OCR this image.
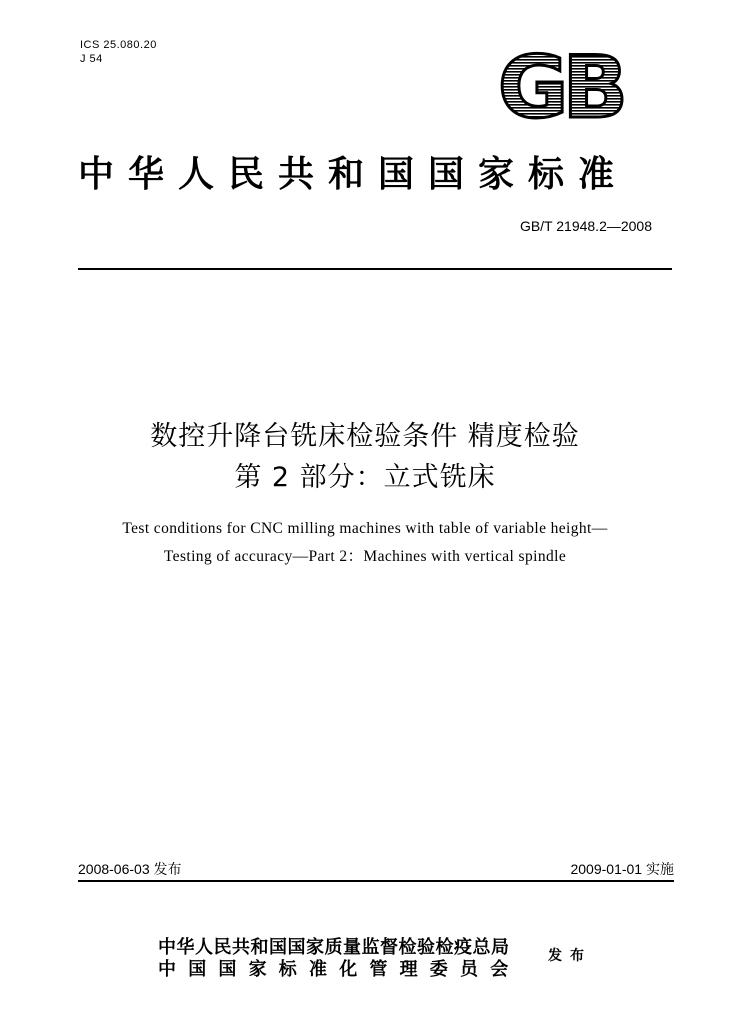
ICS 25.080.20
J 54	GB
中华人民共和国国家标准
GB/T 21948.2—2008
数控升降台铣床检验条件 精度检验
第 2 部分：立式铣床
Test conditions for CNC milling machines with table of variable height—
Testing of accuracy—Part 2：Machines with vertical spindle
2008-06-03 发布	2009-01-01 实施
中华人民共和国国家质量监督检验检疫总局
中国国家标准化管理委员会
发布
